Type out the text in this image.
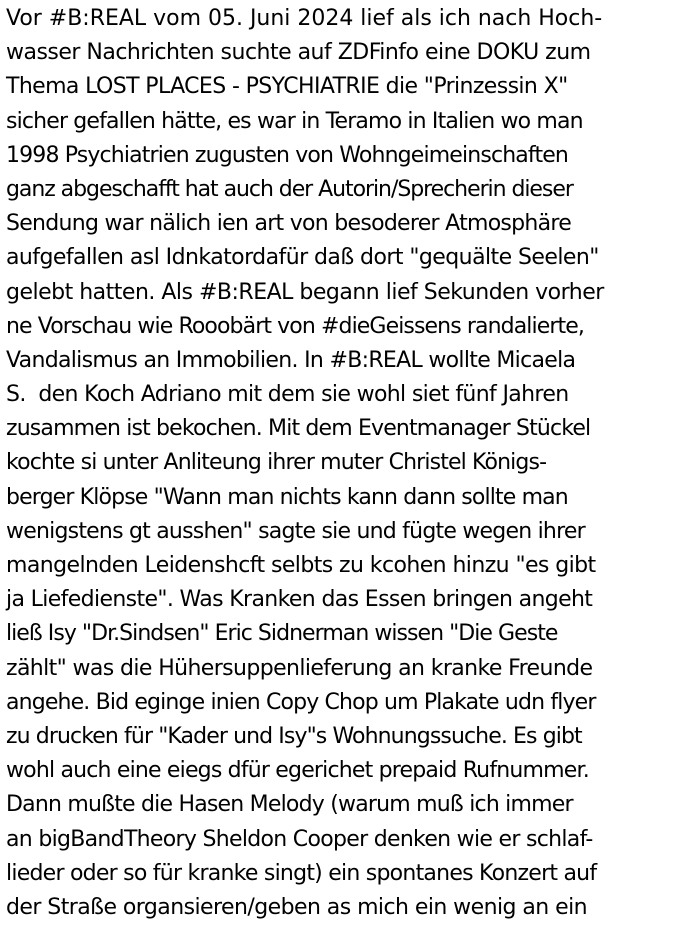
Vor #B:REAL vom 05. Juni 2024 lief als ich nach Hoch-
wasser Nachrichten suchte auf ZDFinfo eine DOKU zum
Thema LOST PLACES - PSYCHIATRIE die "Prinzessin X"
sicher gefallen hätte, es war in Teramo in Italien wo man
1998 Psychiatrien zugusten von Wohngeimeinschaften
ganz abgeschafft hat auch der Autorin/Sprecherin dieser
Sendung war nälich ien art von besoderer Atmosphäre
aufgefallen asl Idnkatordafür daß dort "gequälte Seelen"
gelebt hatten. Als #B:REAL begann lief Sekunden vorher
ne Vorschau wie Rooobärt von #dieGeissens randalierte,
Vandalismus an Immobilien. In #B:REAL wollte Micaela
S.  den Koch Adriano mit dem sie wohl siet fünf Jahren
zusammen ist bekochen. Mit dem Eventmanager Stückel
kochte si unter Anliteung ihrer muter Christel Königs-
berger Klöpse "Wann man nichts kann dann sollte man
wenigstens gt ausshen" sagte sie und fügte wegen ihrer
mangelnden Leidenshcft selbts zu kcohen hinzu "es gibt
ja Liefedienste". Was Kranken das Essen bringen angeht
ließ Isy "Dr.Sindsen" Eric Sidnerman wissen "Die Geste
zählt" was die Hühersuppenlieferung an kranke Freunde
angehe. Bid eginge inien Copy Chop um Plakate udn flyer
zu drucken für "Kader und Isy"s Wohnungssuche. Es gibt
wohl auch eine eiegs dfür egerichet prepaid Rufnummer.
Dann mußte die Hasen Melody (warum muß ich immer
an bigBandTheory Sheldon Cooper denken wie er schlaf-
lieder oder so für kranke singt) ein spontanes Konzert auf
der Straße organsieren/geben as mich ein wenig an ein
